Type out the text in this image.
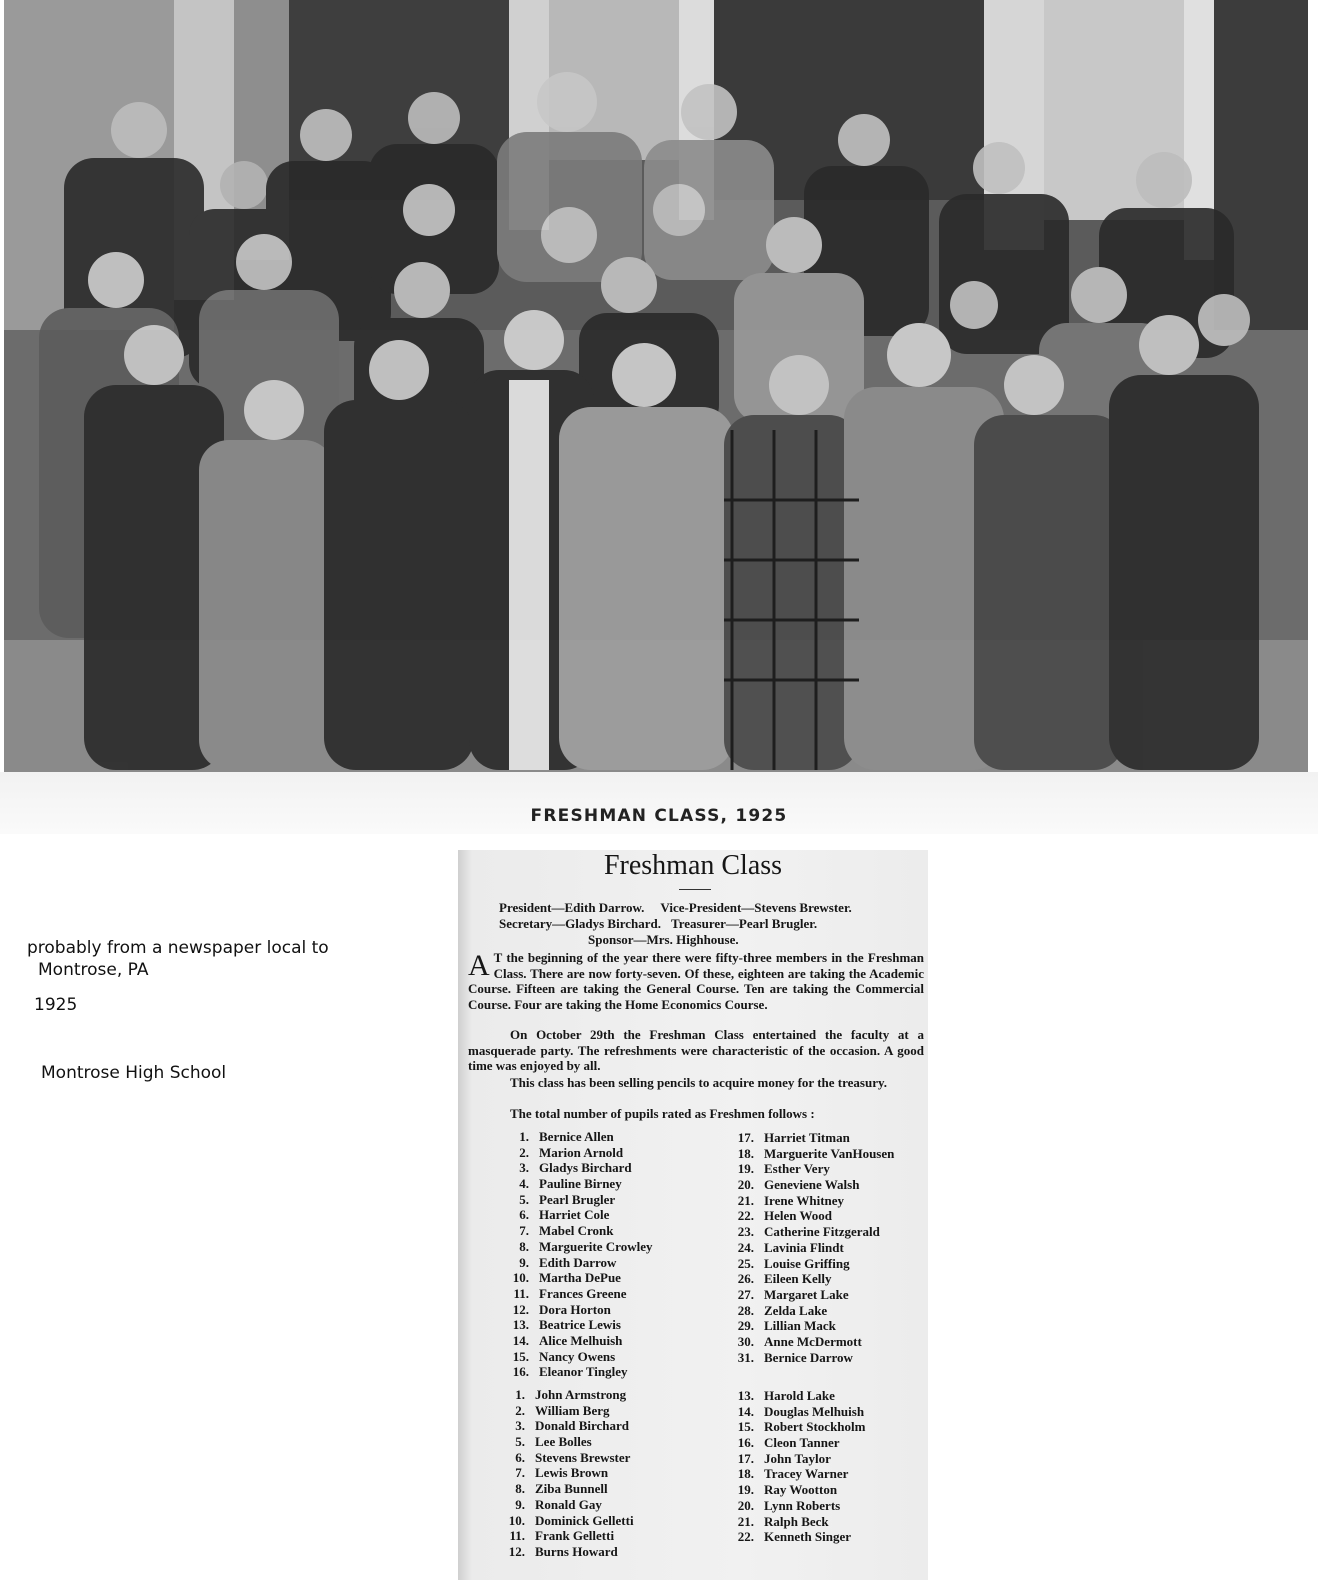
FRESHMAN CLASS, 1925
probably from a newspaper local to
Montrose, PA
1925
Montrose High School
Freshman Class
President—Edith Darrow. Vice-President—Stevens Brewster.
Secretary—Gladys Birchard. Treasurer—Pearl Brugler.
Sponsor—Mrs. Highhouse.
A T the beginning of the year there were fifty-three members in the Freshman Class. There are now forty-seven. Of these, eighteen are taking the Academic Course. Fifteen are taking the General Course. Ten are taking the Commercial Course. Four are taking the Home Economics Course.
On October 29th the Freshman Class entertained the faculty at a masquerade party. The refreshments were characteristic of the occasion. A good time was enjoyed by all.
This class has been selling pencils to acquire money for the treasury.
The total number of pupils rated as Freshmen follows :
1. Bernice Allen
2. Marion Arnold
3. Gladys Birchard
4. Pauline Birney
5. Pearl Brugler
6. Harriet Cole
7. Mabel Cronk
8. Marguerite Crowley
9. Edith Darrow
10. Martha DePue
11. Frances Greene
12. Dora Horton
13. Beatrice Lewis
14. Alice Melhuish
15. Nancy Owens
16. Eleanor Tingley
17. Harriet Titman
18. Marguerite VanHousen
19. Esther Very
20. Geneviene Walsh
21. Irene Whitney
22. Helen Wood
23. Catherine Fitzgerald
24. Lavinia Flindt
25. Louise Griffing
26. Eileen Kelly
27. Margaret Lake
28. Zelda Lake
29. Lillian Mack
30. Anne McDermott
31. Bernice Darrow
1. John Armstrong
2. William Berg
3. Donald Birchard
5. Lee Bolles
6. Stevens Brewster
7. Lewis Brown
8. Ziba Bunnell
9. Ronald Gay
10. Dominick Gelletti
11. Frank Gelletti
12. Burns Howard
13. Harold Lake
14. Douglas Melhuish
15. Robert Stockholm
16. Cleon Tanner
17. John Taylor
18. Tracey Warner
19. Ray Wootton
20. Lynn Roberts
21. Ralph Beck
22. Kenneth Singer
